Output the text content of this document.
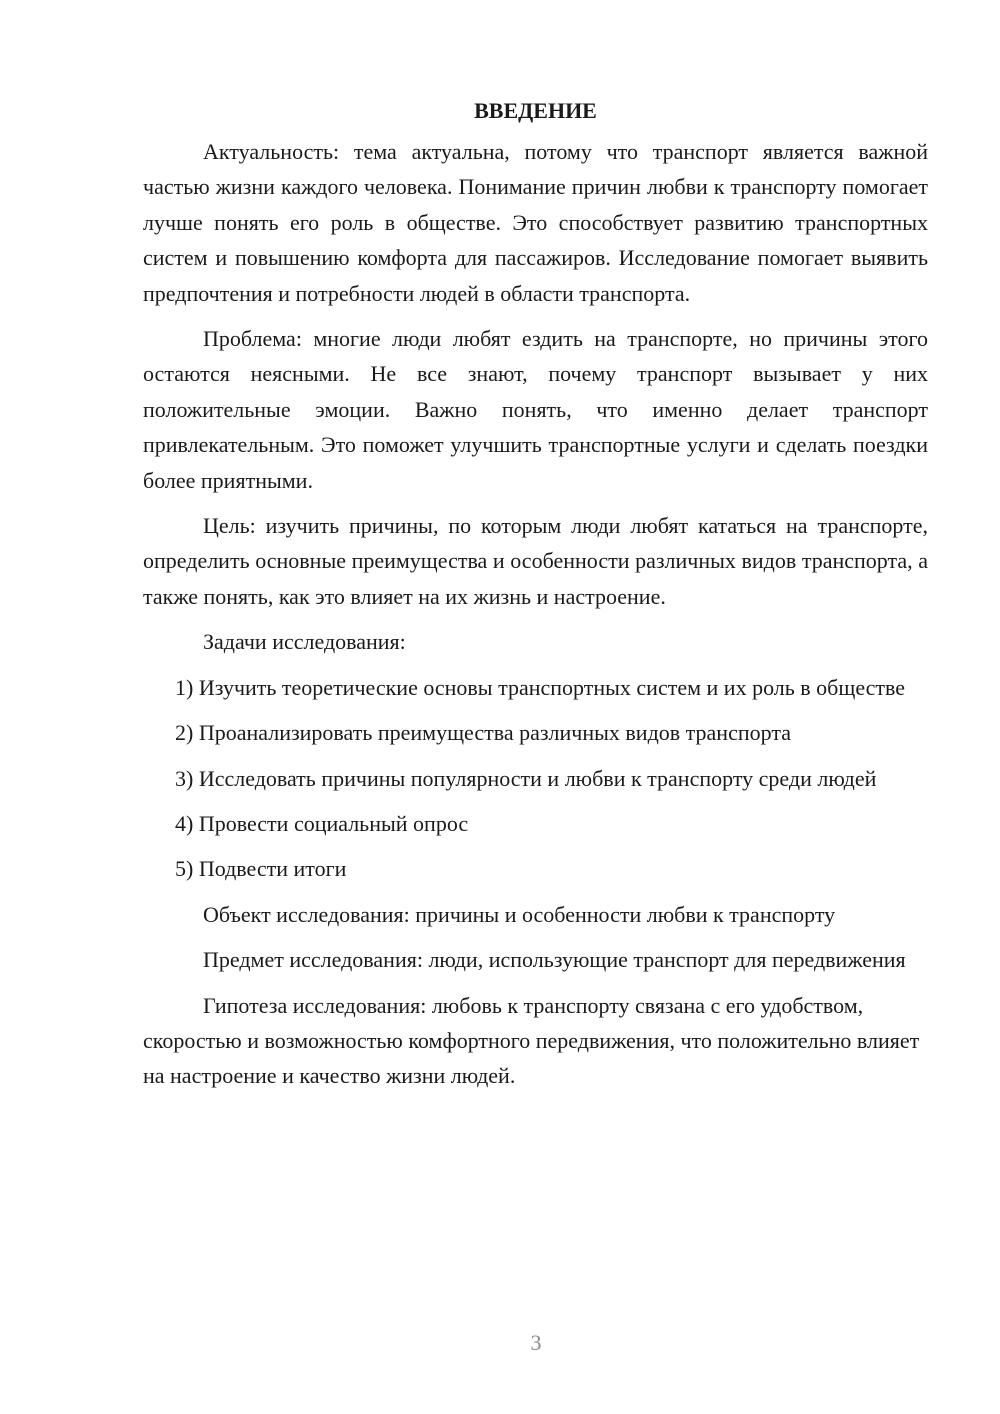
ВВЕДЕНИЕ

Актуальность: тема актуальна, потому что транспорт является важной частью жизни каждого человека. Понимание причин любви к транспорту помогает лучше понять его роль в обществе. Это способствует развитию транспортных систем и повышению комфорта для пассажиров. Исследование помогает выявить предпочтения и потребности людей в области транспорта.

Проблема: многие люди любят ездить на транспорте, но причины этого остаются неясными. Не все знают, почему транспорт вызывает у них положительные эмоции. Важно понять, что именно делает транспорт привлекательным. Это поможет улучшить транспортные услуги и сделать поездки более приятными.

Цель: изучить причины, по которым люди любят кататься на транспорте, определить основные преимущества и особенности различных видов транспорта, а также понять, как это влияет на их жизнь и настроение.

Задачи исследования:

1) Изучить теоретические основы транспортных систем и их роль в обществе
2) Проанализировать преимущества различных видов транспорта
3) Исследовать причины популярности и любви к транспорту среди людей
4) Провести социальный опрос
5) Подвести итоги

Объект исследования: причины и особенности любви к транспорту

Предмет исследования: люди, использующие транспорт для передвижения

Гипотеза исследования: любовь к транспорту связана с его удобством, скоростью и возможностью комфортного передвижения, что положительно влияет на настроение и качество жизни людей.

3
